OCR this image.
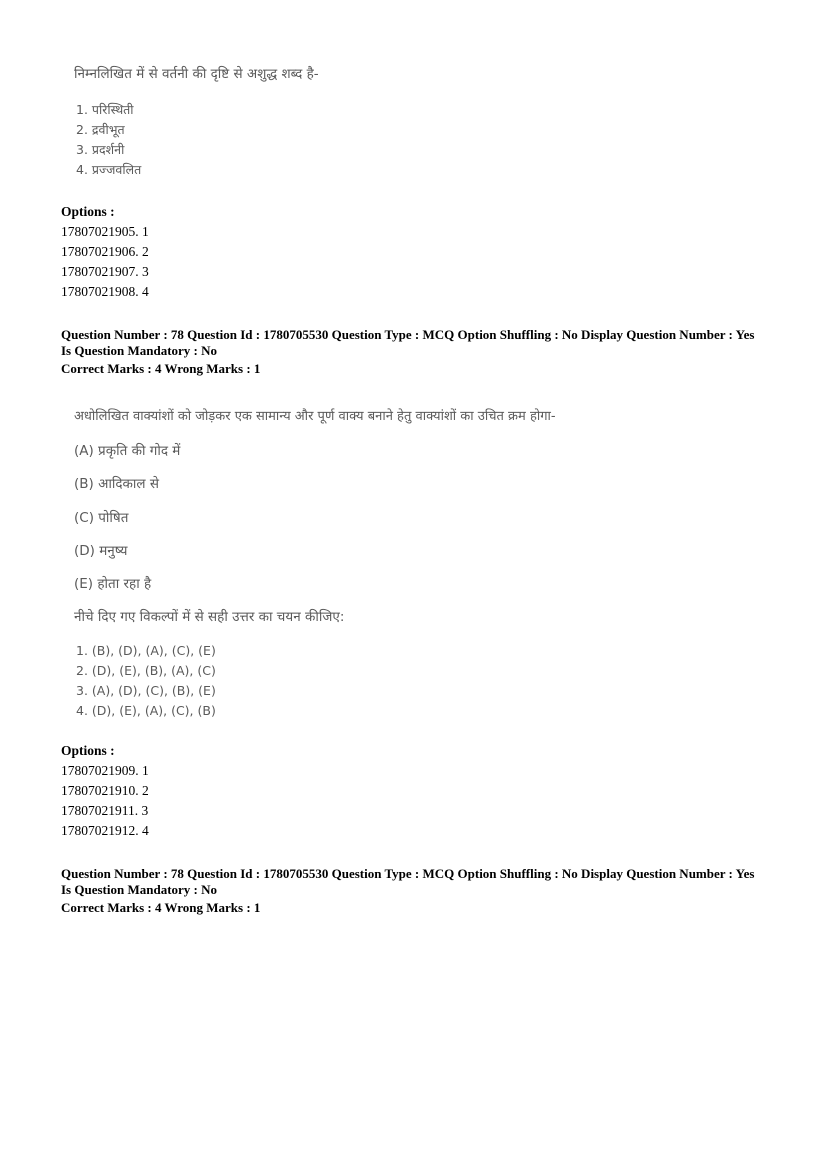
निम्नलिखित में से वर्तनी की दृष्टि से अशुद्ध शब्द है-
1. परिस्थिती
2. द्रवीभूत
3. प्रदर्शनी
4. प्रज्जवलित
Options :
17807021905. 1
17807021906. 2
17807021907. 3
17807021908. 4
Question Number : 78 Question Id : 1780705530 Question Type : MCQ Option Shuffling : No Display Question Number : Yes
Is Question Mandatory : No
Correct Marks : 4 Wrong Marks : 1
अधोलिखित वाक्यांशों को जोड़कर एक सामान्य और पूर्ण वाक्य बनाने हेतु वाक्यांशों का उचित क्रम होगा-
(A) प्रकृति की गोद में
(B) आदिकाल से
(C) पोषित
(D) मनुष्य
(E) होता रहा है
नीचे दिए गए विकल्पों में से सही उत्तर का चयन कीजिए:
1. (B), (D), (A), (C), (E)
2. (D), (E), (B), (A), (C)
3. (A), (D), (C), (B), (E)
4. (D), (E), (A), (C), (B)
Options :
17807021909. 1
17807021910. 2
17807021911. 3
17807021912. 4
Question Number : 78 Question Id : 1780705530 Question Type : MCQ Option Shuffling : No Display Question Number : Yes
Is Question Mandatory : No
Correct Marks : 4 Wrong Marks : 1
